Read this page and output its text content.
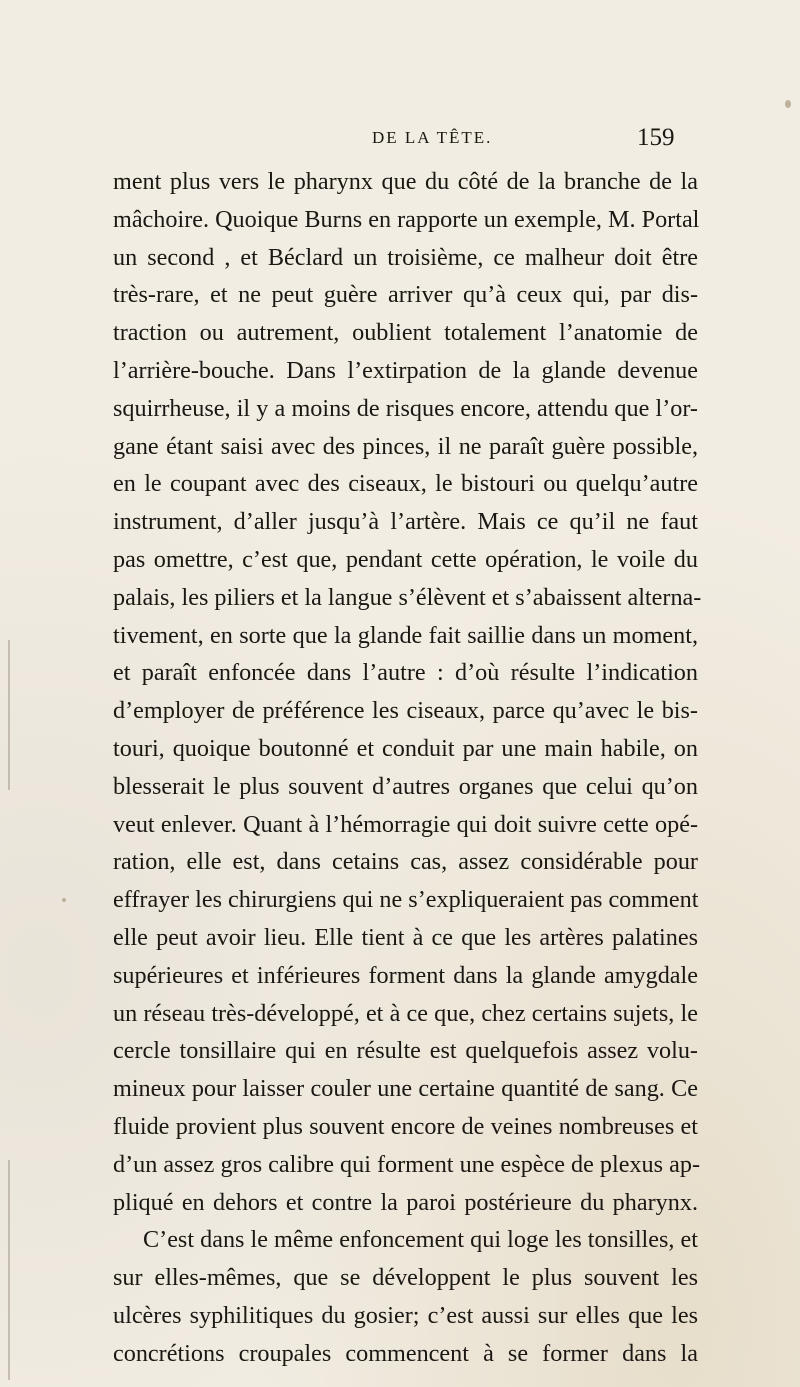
DE LA TÊTE.	159
ment plus vers le pharynx que du côté de la branche de la
mâchoire. Quoique Burns en rapporte un exemple, M. Portal
un second , et Béclard un troisième, ce malheur doit être
très-rare, et ne peut guère arriver qu’à ceux qui, par dis-
traction ou autrement, oublient totalement l’anatomie de
l’arrière-bouche. Dans l’extirpation de la glande devenue
squirrheuse, il y a moins de risques encore, attendu que l’or-
gane étant saisi avec des pinces, il ne paraît guère possible,
en le coupant avec des ciseaux, le bistouri ou quelqu’autre
instrument, d’aller jusqu’à l’artère. Mais ce qu’il ne faut
pas omettre, c’est que, pendant cette opération, le voile du
palais, les piliers et la langue s’élèvent et s’abaissent alterna-
tivement, en sorte que la glande fait saillie dans un moment,
et paraît enfoncée dans l’autre : d’où résulte l’indication
d’employer de préférence les ciseaux, parce qu’avec le bis-
touri, quoique boutonné et conduit par une main habile, on
blesserait le plus souvent d’autres organes que celui qu’on
veut enlever. Quant à l’hémorragie qui doit suivre cette opé-
ration, elle est, dans cetains cas, assez considérable pour
effrayer les chirurgiens qui ne s’expliqueraient pas comment
elle peut avoir lieu. Elle tient à ce que les artères palatines
supérieures et inférieures forment dans la glande amygdale
un réseau très-développé, et à ce que, chez certains sujets, le
cercle tonsillaire qui en résulte est quelquefois assez volu-
mineux pour laisser couler une certaine quantité de sang. Ce
fluide provient plus souvent encore de veines nombreuses et
d’un assez gros calibre qui forment une espèce de plexus ap-
pliqué en dehors et contre la paroi postérieure du pharynx.
C’est dans le même enfoncement qui loge les tonsilles, et
sur elles-mêmes, que se développent le plus souvent les
ulcères syphilitiques du gosier; c’est aussi sur elles que les
concrétions croupales commencent à se former dans la
